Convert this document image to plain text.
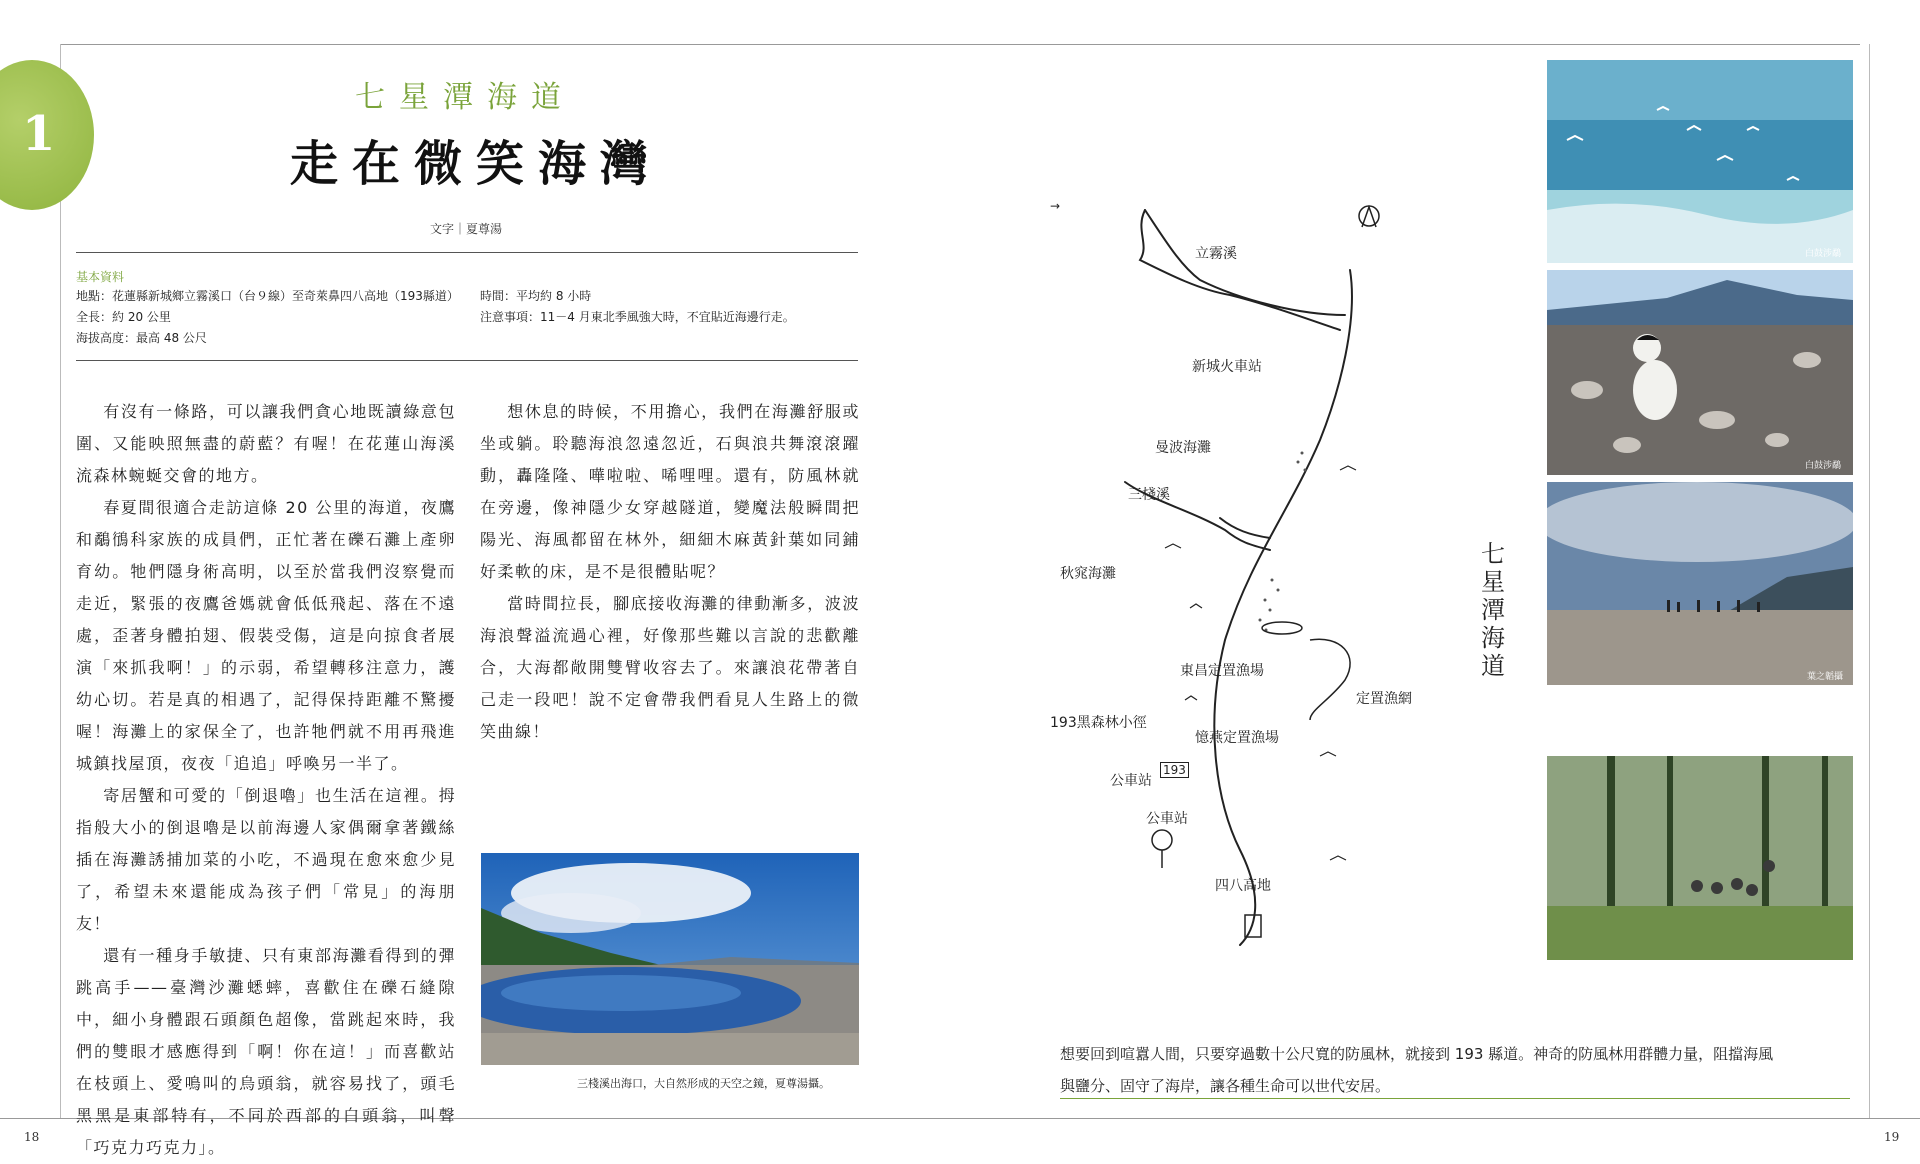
1
七星潭海道
走在微笑海灣
文字｜夏尊湯
基本資料
地點：花蓮縣新城鄉立霧溪口（台９線）至奇萊鼻四八高地（193縣道）
全長：約 20 公里
海拔高度：最高 48 公尺
時間：平均約 8 小時
注意事項：11－4 月東北季風強大時，不宜貼近海邊行走。

有沒有一條路，可以讓我們貪心地既讀綠意包圍、又能映照無盡的蔚藍？有喔！在花蓮山海溪流森林蜿蜒交會的地方。

春夏間很適合走訪這條 20 公里的海道，夜鷹和鷸鴴科家族的成員們，正忙著在礫石灘上產卵育幼。牠們隱身術高明，以至於當我們沒察覺而走近，緊張的夜鷹爸媽就會低低飛起、落在不遠處，歪著身體拍翅、假裝受傷，這是向掠食者展演「來抓我啊！」的示弱，希望轉移注意力，護幼心切。若是真的相遇了，記得保持距離不驚擾喔！海灘上的家保全了，也許牠們就不用再飛進城鎮找屋頂，夜夜「追追」呼喚另一半了。

寄居蟹和可愛的「倒退嚕」也生活在這裡。拇指般大小的倒退嚕是以前海邊人家偶爾拿著鐵絲插在海灘誘捕加菜的小吃，不過現在愈來愈少見了，希望未來還能成為孩子們「常見」的海朋友！

還有一種身手敏捷、只有東部海灘看得到的彈跳高手——臺灣沙灘蟋蟀，喜歡住在礫石縫隙中，細小身體跟石頭顏色超像，當跳起來時，我們的雙眼才感應得到「啊！你在這！」而喜歡站在枝頭上、愛鳴叫的烏頭翁，就容易找了，頭毛黑黑是東部特有，不同於西部的白頭翁，叫聲「巧克力巧克力」。

想休息的時候，不用擔心，我們在海灘舒服或坐或躺。聆聽海浪忽遠忽近，石與浪共舞滾滾躍動，轟隆隆、嘩啦啦、唏哩哩。還有，防風林就在旁邊，像神隱少女穿越隧道，變魔法般瞬間把陽光、海風都留在林外，細細木麻黃針葉如同鋪好柔軟的床，是不是很體貼呢？

當時間拉長，腳底接收海灘的律動漸多，波波海浪聲溢流過心裡，好像那些難以言說的悲歡離合，大海都敞開雙臂收容去了。來讓浪花帶著自己走一段吧！說不定會帶我們看見人生路上的微笑曲線！

三棧溪出海口，大自然形成的天空之鏡，夏尊湯攝。
18
→
立霧溪
新城火車站
曼波海灘
三棧溪
秋窕海灘
東昌定置漁場
定置漁網
193黑森林小徑
憶燕定置漁場
公車站
193
公車站
四八高地
七
星
潭
海
道
白鼓涉鷸
白鼓涉鷸
葉之韜攝
想要回到喧囂人間，只要穿過數十公尺寬的防風林，就接到 193 縣道。神奇的防風林用群體力量，阻擋海風與鹽分、固守了海岸，讓各種生命可以世代安居。
19
